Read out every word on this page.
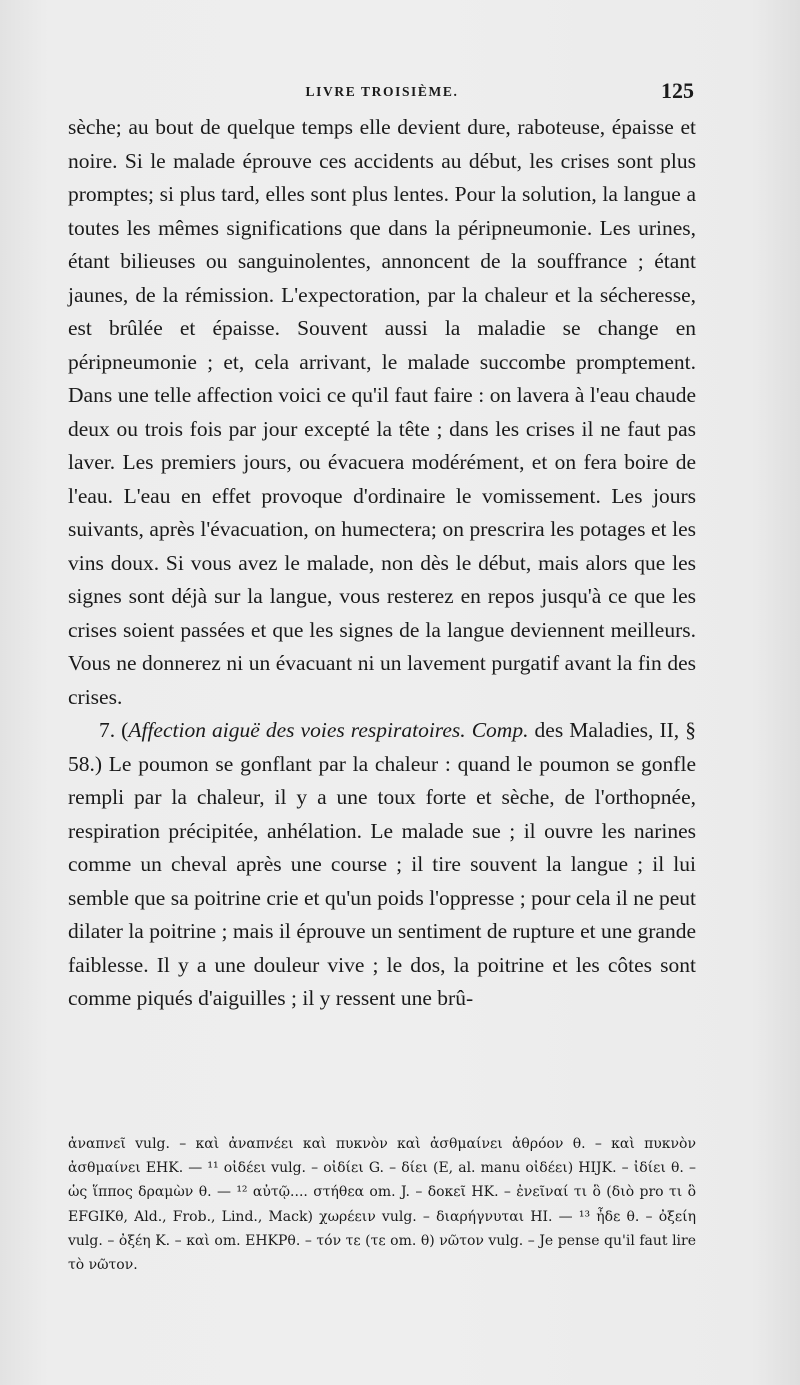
LIVRE TROISIÈME.	125

sèche; au bout de quelque temps elle devient dure, raboteuse, épaisse et noire. Si le malade éprouve ces accidents au début, les crises sont plus promptes; si plus tard, elles sont plus lentes. Pour la solution, la langue a toutes les mêmes significations que dans la péripneumonie. Les urines, étant bilieuses ou sanguinolentes, annoncent de la souffrance ; étant jaunes, de la rémission. L'expectoration, par la chaleur et la sécheresse, est brûlée et épaisse. Souvent aussi la maladie se change en péripneumonie ; et, cela arrivant, le malade succombe promptement. Dans une telle affection voici ce qu'il faut faire : on lavera à l'eau chaude deux ou trois fois par jour excepté la tête ; dans les crises il ne faut pas laver. Les premiers jours, ou évacuera modérément, et on fera boire de l'eau. L'eau en effet provoque d'ordinaire le vomissement. Les jours suivants, après l'évacuation, on humectera; on prescrira les potages et les vins doux. Si vous avez le malade, non dès le début, mais alors que les signes sont déjà sur la langue, vous resterez en repos jusqu'à ce que les crises soient passées et que les signes de la langue deviennent meilleurs. Vous ne donnerez ni un évacuant ni un lavement purgatif avant la fin des crises.

7. (Affection aiguë des voies respiratoires. Comp. des Maladies, II, § 58.) Le poumon se gonflant par la chaleur : quand le poumon se gonfle rempli par la chaleur, il y a une toux forte et sèche, de l'orthopnée, respiration précipitée, anhélation. Le malade sue ; il ouvre les narines comme un cheval après une course ; il tire souvent la langue ; il lui semble que sa poitrine crie et qu'un poids l'oppresse ; pour cela il ne peut dilater la poitrine ; mais il éprouve un sentiment de rupture et une grande faiblesse. Il y a une douleur vive ; le dos, la poitrine et les côtes sont comme piqués d'aiguilles ; il y ressent une brû-

ἀναπνεῖ vulg. – καὶ ἀναπνέει καὶ πυκνὸν καὶ ἀσθμαίνει ἀθρόον θ. – καὶ πυκνὸν ἀσθμαίνει EHK. — ¹¹ οἰδέει vulg. – οἰδίει G. – δίει (E, al. manu οἰδέει) HIJK. – ἰδίει θ. – ὡς ἵππος δραμὼν θ. — ¹² αὐτῷ.... στήθεα om. J. – δοκεῖ HK. – ἐνεῖναί τι ὃ (διὸ pro τι ὃ EFGIKθ, Ald., Frob., Lind., Mack) χωρέειν vulg. – διαρήγνυται HI. — ¹³ ἦδε θ. – ὀξείη vulg. – ὀξέη K. – καὶ om. EHKPθ. – τόν τε (τε om. θ) νῶτον vulg. – Je pense qu'il faut lire τὸ νῶτον.
